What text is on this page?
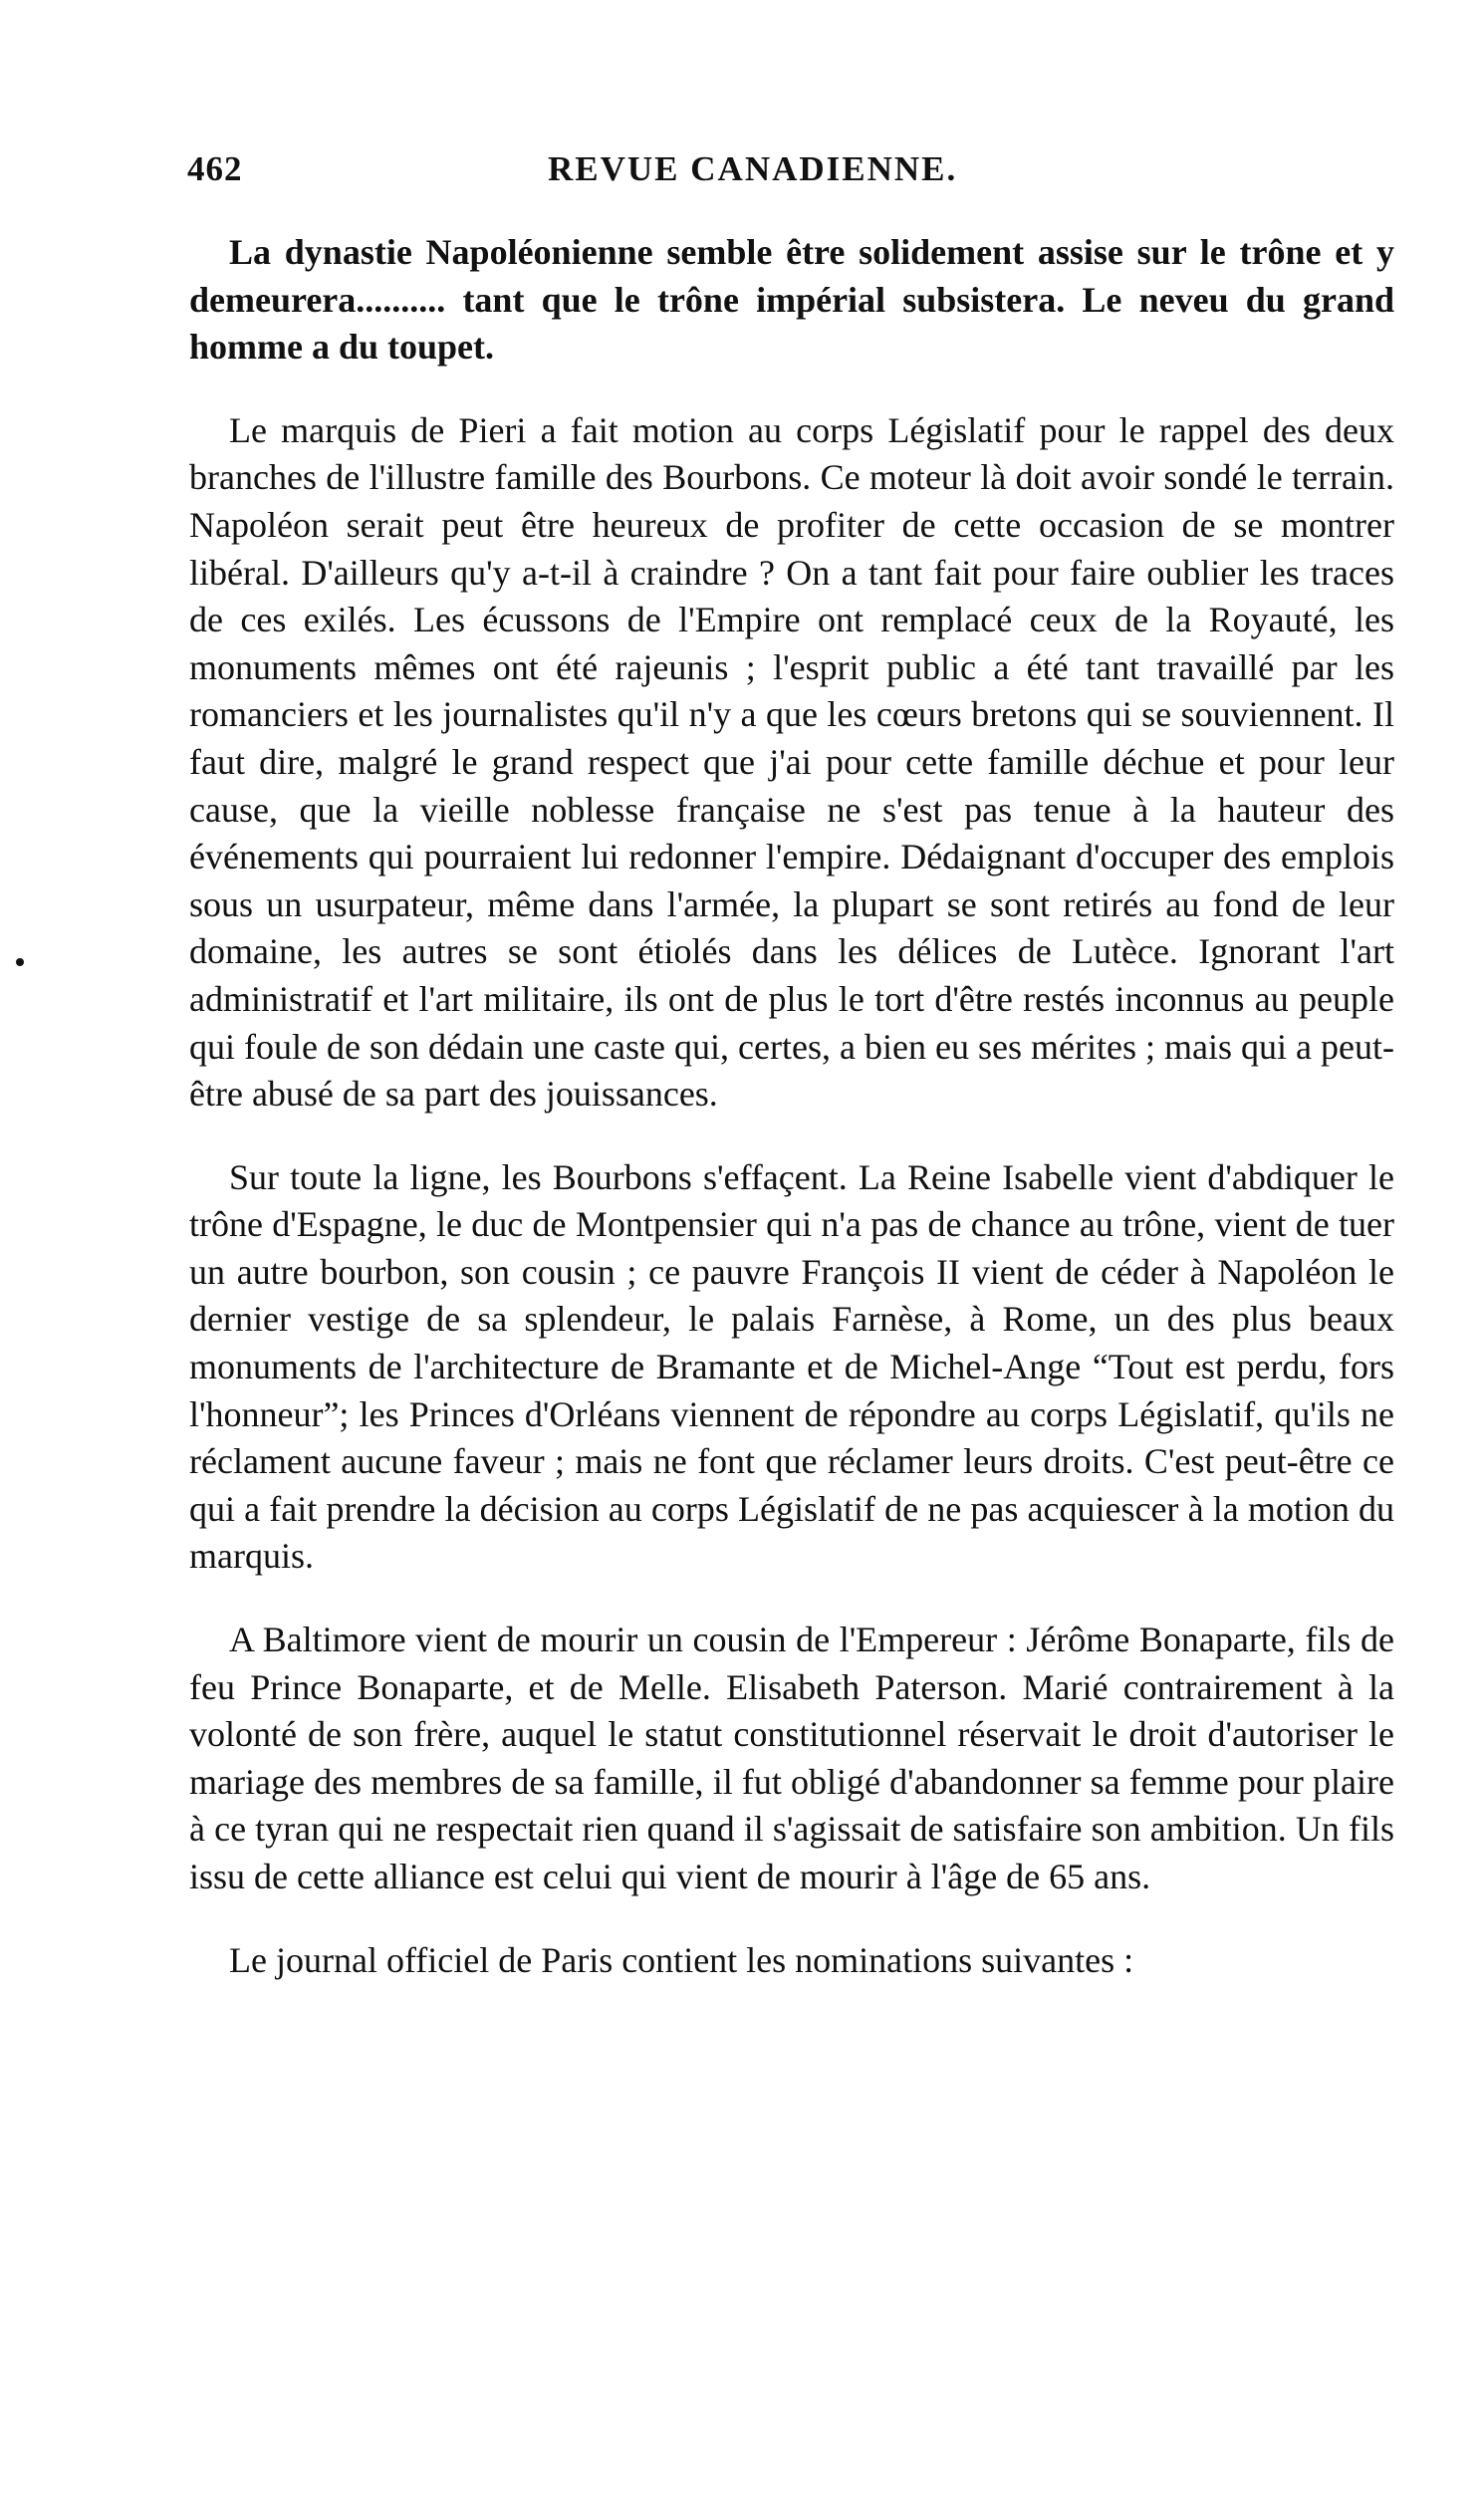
462	REVUE CANADIENNE.

La dynastie Napoléonienne semble être solidement assise sur le trône et y demeurera.......... tant que le trône impérial subsistera. Le neveu du grand homme a du toupet.

Le marquis de Pieri a fait motion au corps Législatif pour le rappel des deux branches de l'illustre famille des Bourbons. Ce moteur là doit avoir sondé le terrain. Napoléon serait peut être heureux de profiter de cette occasion de se montrer libéral. D'ailleurs qu'y a-t-il à craindre ? On a tant fait pour faire oublier les traces de ces exilés. Les écussons de l'Empire ont remplacé ceux de la Royauté, les monuments mêmes ont été rajeunis ; l'esprit public a été tant travaillé par les romanciers et les journalistes qu'il n'y a que les cœurs bretons qui se souviennent. Il faut dire, malgré le grand respect que j'ai pour cette famille déchue et pour leur cause, que la vieille noblesse française ne s'est pas tenue à la hauteur des événements qui pourraient lui redonner l'empire. Dédaignant d'occuper des emplois sous un usurpateur, même dans l'armée, la plupart se sont retirés au fond de leur domaine, les autres se sont étiolés dans les délices de Lutèce. Ignorant l'art administratif et l'art militaire, ils ont de plus le tort d'être restés inconnus au peuple qui foule de son dédain une caste qui, certes, a bien eu ses mérites ; mais qui a peut-être abusé de sa part des jouissances.

Sur toute la ligne, les Bourbons s'effaçent. La Reine Isabelle vient d'abdiquer le trône d'Espagne, le duc de Montpensier qui n'a pas de chance au trône, vient de tuer un autre bourbon, son cousin ; ce pauvre François II vient de céder à Napoléon le dernier vestige de sa splendeur, le palais Farnèse, à Rome, un des plus beaux monuments de l'architecture de Bramante et de Michel-Ange “Tout est perdu, fors l'honneur”; les Princes d'Orléans viennent de répondre au corps Législatif, qu'ils ne réclament aucune faveur ; mais ne font que réclamer leurs droits. C'est peut-être ce qui a fait prendre la décision au corps Législatif de ne pas acquiescer à la motion du marquis.

A Baltimore vient de mourir un cousin de l'Empereur : Jérôme Bonaparte, fils de feu Prince Bonaparte, et de Melle. Elisabeth Paterson. Marié contrairement à la volonté de son frère, auquel le statut constitutionnel réservait le droit d'autoriser le mariage des membres de sa famille, il fut obligé d'abandonner sa femme pour plaire à ce tyran qui ne respectait rien quand il s'agissait de satisfaire son ambition. Un fils issu de cette alliance est celui qui vient de mourir à l'âge de 65 ans.

Le journal officiel de Paris contient les nominations suivantes :
